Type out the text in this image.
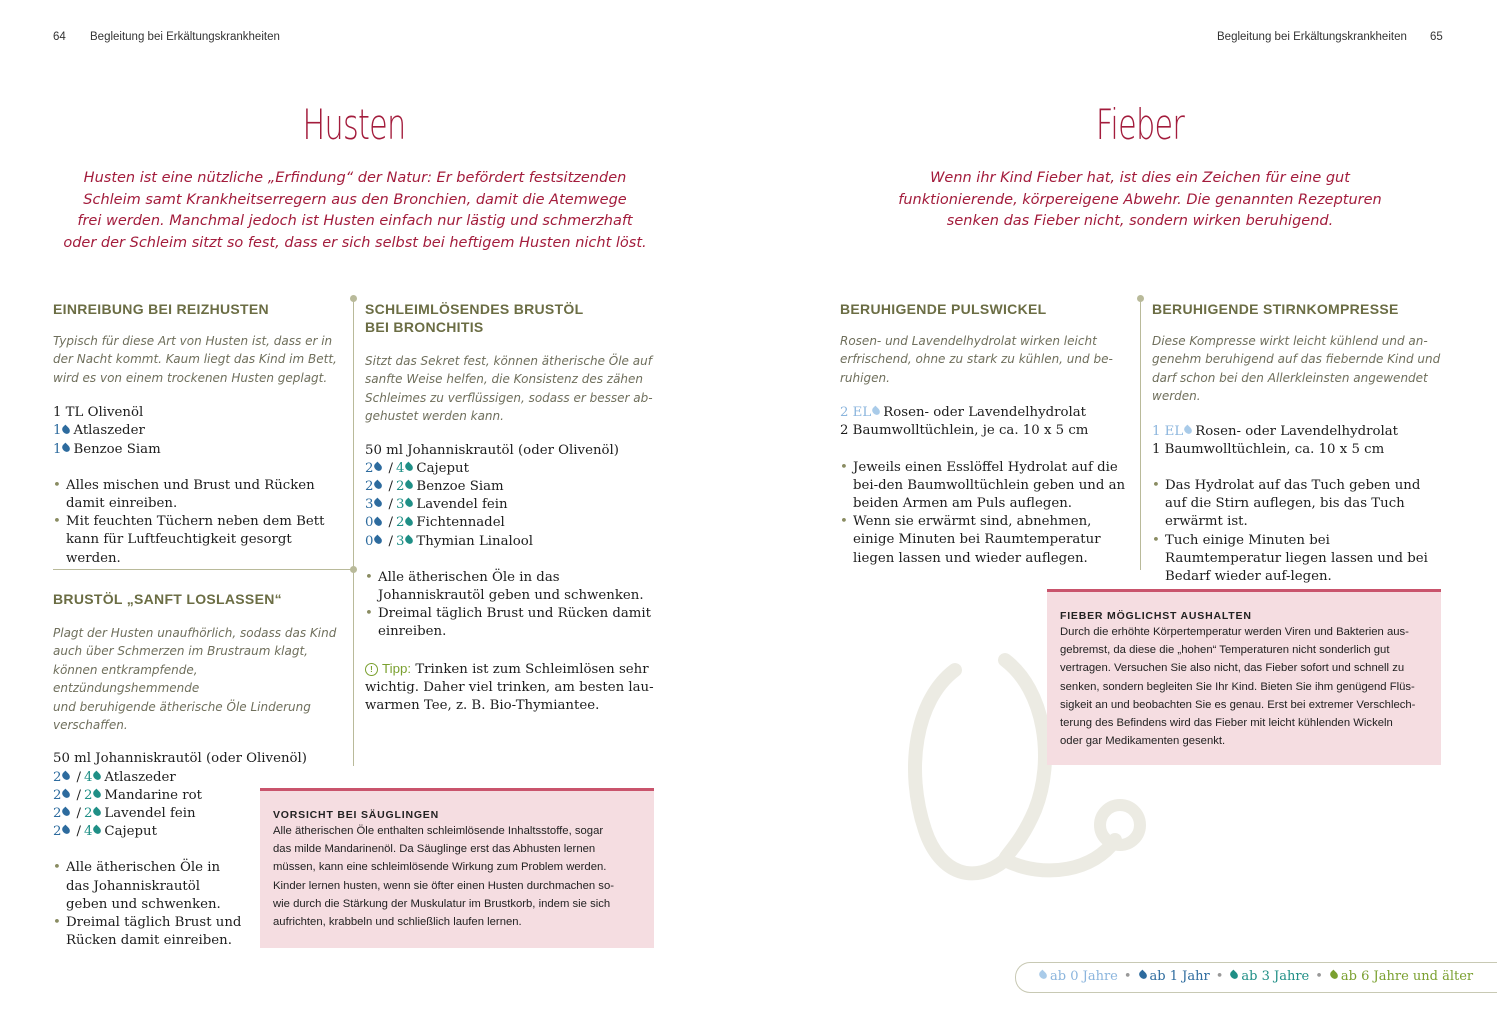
64 Begleitung bei Erkältungskrankheiten	Begleitung bei Erkältungskrankheiten 65
Husten
Husten ist eine nützliche „Erfindung“ der Natur: Er befördert festsitzenden
Schleim samt Krankheitserregern aus den Bronchien, damit die Atemwege
frei werden. Manchmal jedoch ist Husten einfach nur lästig und schmerzhaft
oder der Schleim sitzt so fest, dass er sich selbst bei heftigem Husten nicht löst.
EINREIBUNG BEI REIZHUSTEN
Typisch für diese Art von Husten ist, dass er in
der Nacht kommt. Kaum liegt das Kind im Bett,
wird es von einem trockenen Husten geplagt.
1 TL Olivenöl
1 Atlaszeder
1 Benzoe Siam
• Alles mischen und Brust und Rücken damit einreiben.
• Mit feuchten Tüchern neben dem Bett kann für Luftfeuchtigkeit gesorgt werden.
BRUSTÖL „SANFT LOSLASSEN“
Plagt der Husten unaufhörlich, sodass das Kind
auch über Schmerzen im Brustraum klagt,
können entkrampfende, entzündungshemmende
und beruhigende ätherische Öle Linderung
verschaffen.
50 ml Johanniskrautöl (oder Olivenöl)
2 / 4 Atlaszeder
2 / 2 Mandarine rot
2 / 2 Lavendel fein
2 / 4 Cajeput
• Alle ätherischen Öle in das Johanniskrautöl geben und schwenken.
• Dreimal täglich Brust und Rücken damit einreiben.
SCHLEIMLÖSENDES BRUSTÖL
BEI BRONCHITIS
Sitzt das Sekret fest, können ätherische Öle auf
sanfte Weise helfen, die Konsistenz des zähen
Schleimes zu verflüssigen, sodass er besser ab-
gehustet werden kann.
50 ml Johanniskrautöl (oder Olivenöl)
2 / 4 Cajeput
2 / 2 Benzoe Siam
3 / 3 Lavendel fein
0 / 2 Fichtennadel
0 / 3 Thymian Linalool
• Alle ätherischen Öle in das Johanniskrautöl geben und schwenken.
• Dreimal täglich Brust und Rücken damit einreiben.
! Tipp: Trinken ist zum Schleimlösen sehr
wichtig. Daher viel trinken, am besten lau-
warmen Tee, z. B. Bio-Thymiantee.
VORSICHT BEI SÄUGLINGEN
Alle ätherischen Öle enthalten schleimlösende Inhaltsstoffe, sogar
das milde Mandarinenöl. Da Säuglinge erst das Abhusten lernen
müssen, kann eine schleimlösende Wirkung zum Problem werden.
Kinder lernen husten, wenn sie öfter einen Husten durchmachen so-
wie durch die Stärkung der Muskulatur im Brustkorb, indem sie sich
aufrichten, krabbeln und schließlich laufen lernen.
Fieber
Wenn ihr Kind Fieber hat, ist dies ein Zeichen für eine gut
funktionierende, körpereigene Abwehr. Die genannten Rezepturen
senken das Fieber nicht, sondern wirken beruhigend.
BERUHIGENDE PULSWICKEL
Rosen- und Lavendelhydrolat wirken leicht
erfrischend, ohne zu stark zu kühlen, und be-
ruhigen.
2 EL Rosen- oder Lavendelhydrolat
2 Baumwolltüchlein, je ca. 10 x 5 cm
• Jeweils einen Esslöffel Hydrolat auf die bei-den Baumwolltüchlein geben und an beiden Armen am Puls auflegen.
• Wenn sie erwärmt sind, abnehmen, einige Minuten bei Raumtemperatur liegen lassen und wieder auflegen.
BERUHIGENDE STIRNKOMPRESSE
Diese Kompresse wirkt leicht kühlend und an-
genehm beruhigend auf das fiebernde Kind und
darf schon bei den Allerkleinsten angewendet
werden.
1 EL Rosen- oder Lavendelhydrolat
1 Baumwolltüchlein, ca. 10 x 5 cm
• Das Hydrolat auf das Tuch geben und auf die Stirn auflegen, bis das Tuch erwärmt ist.
• Tuch einige Minuten bei Raumtemperatur liegen lassen und bei Bedarf wieder auf-legen.
FIEBER MÖGLICHST AUSHALTEN
Durch die erhöhte Körpertemperatur werden Viren und Bakterien aus-
gebremst, da diese die „hohen“ Temperaturen nicht sonderlich gut
vertragen. Versuchen Sie also nicht, das Fieber sofort und schnell zu
senken, sondern begleiten Sie Ihr Kind. Bieten Sie ihm genügend Flüs-
sigkeit an und beobachten Sie es genau. Erst bei extremer Verschlech-
terung des Befindens wird das Fieber mit leicht kühlenden Wickeln
oder gar Medikamenten gesenkt.
ab 0 Jahre • ab 1 Jahr • ab 3 Jahre • ab 6 Jahre und älter
